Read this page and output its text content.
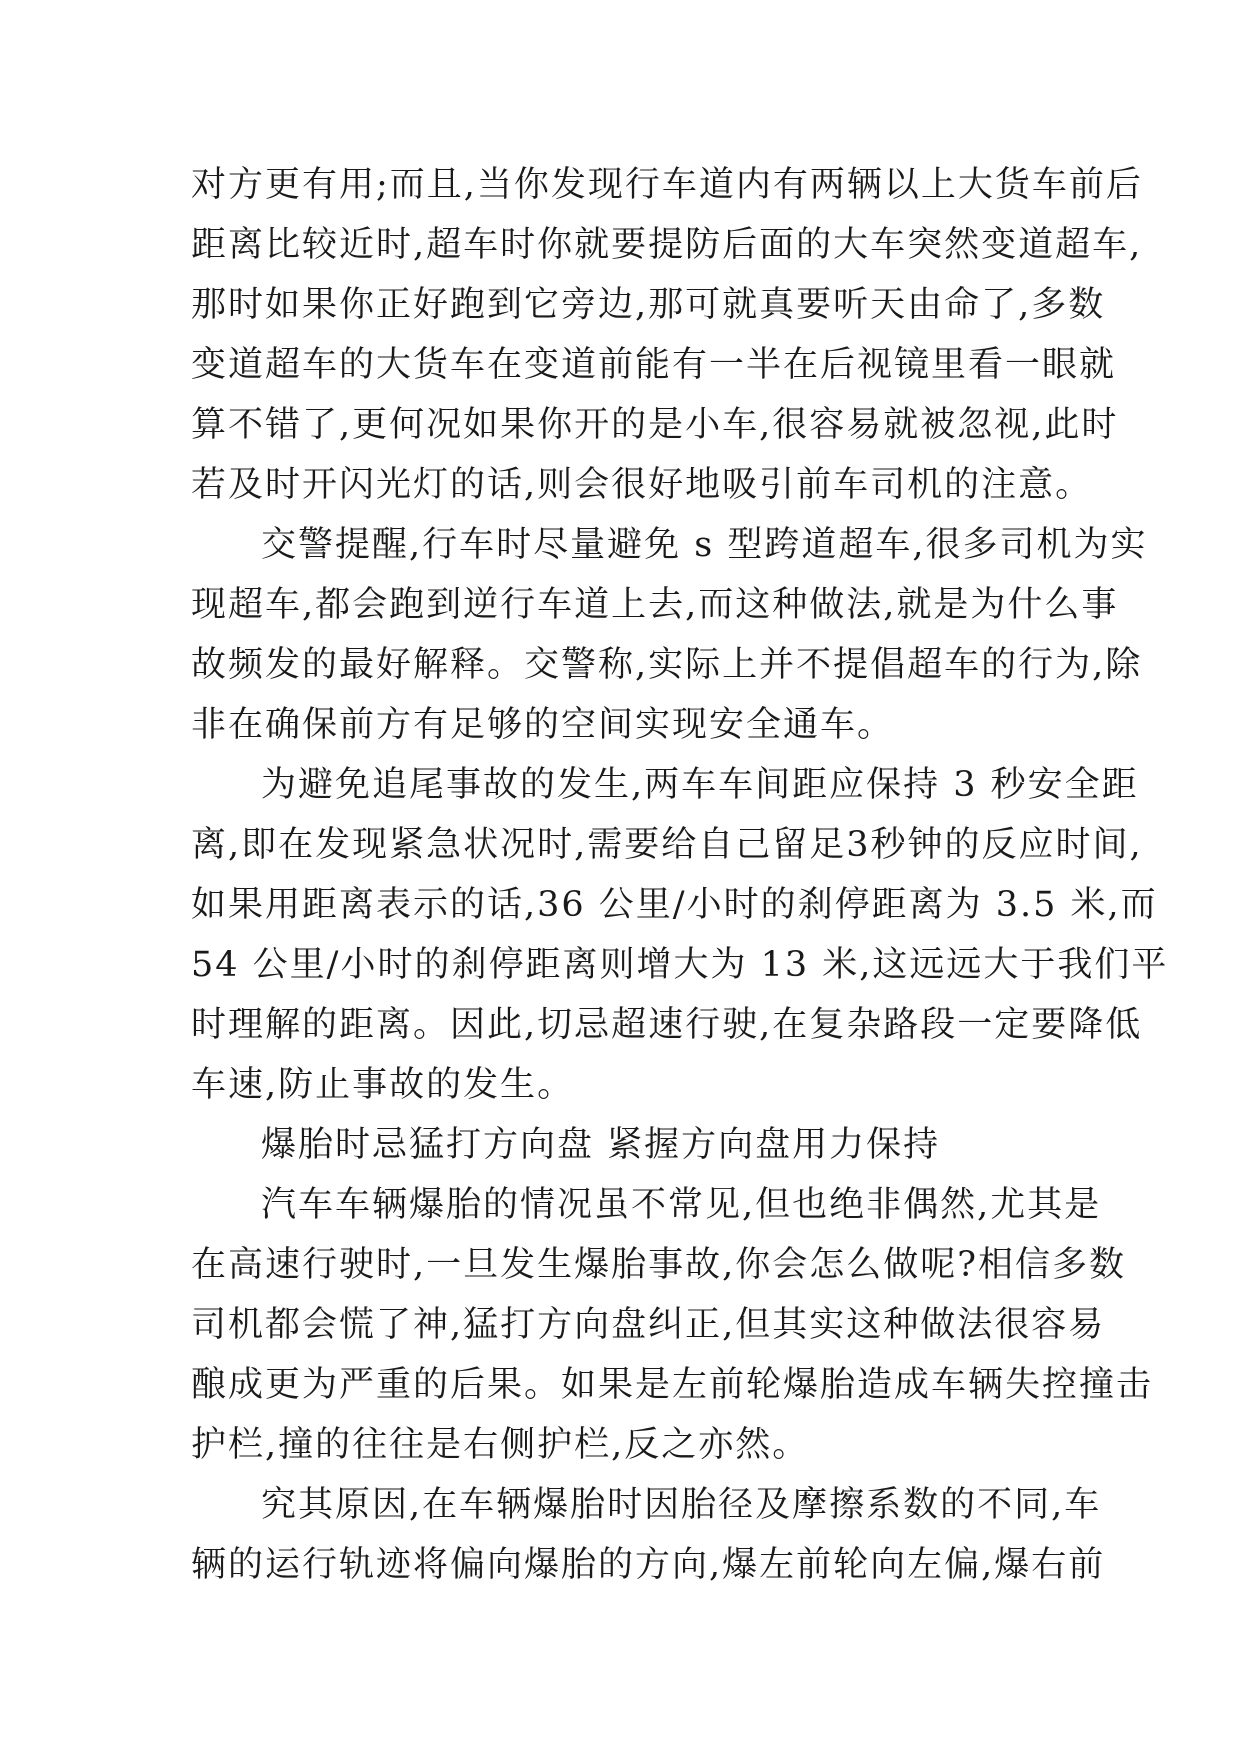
对方更有用;而且,当你发现行车道内有两辆以上大货车前后
距离比较近时,超车时你就要提防后面的大车突然变道超车,
那时如果你正好跑到它旁边,那可就真要听天由命了,多数
变道超车的大货车在变道前能有一半在后视镜里看一眼就
算不错了,更何况如果你开的是小车,很容易就被忽视,此时
若及时开闪光灯的话,则会很好地吸引前车司机的注意。
交警提醒,行车时尽量避免 s 型跨道超车,很多司机为实
现超车,都会跑到逆行车道上去,而这种做法,就是为什么事
故频发的最好解释。交警称,实际上并不提倡超车的行为,除
非在确保前方有足够的空间实现安全通车。
为避免追尾事故的发生,两车车间距应保持 3 秒安全距
离,即在发现紧急状况时,需要给自己留足3秒钟的反应时间,
如果用距离表示的话,36 公里/小时的刹停距离为 3.5 米,而
54 公里/小时的刹停距离则增大为 13 米,这远远大于我们平
时理解的距离。因此,切忌超速行驶,在复杂路段一定要降低
车速,防止事故的发生。
爆胎时忌猛打方向盘 紧握方向盘用力保持
汽车车辆爆胎的情况虽不常见,但也绝非偶然,尤其是
在高速行驶时,一旦发生爆胎事故,你会怎么做呢?相信多数
司机都会慌了神,猛打方向盘纠正,但其实这种做法很容易
酿成更为严重的后果。如果是左前轮爆胎造成车辆失控撞击
护栏,撞的往往是右侧护栏,反之亦然。
究其原因,在车辆爆胎时因胎径及摩擦系数的不同,车
辆的运行轨迹将偏向爆胎的方向,爆左前轮向左偏,爆右前
